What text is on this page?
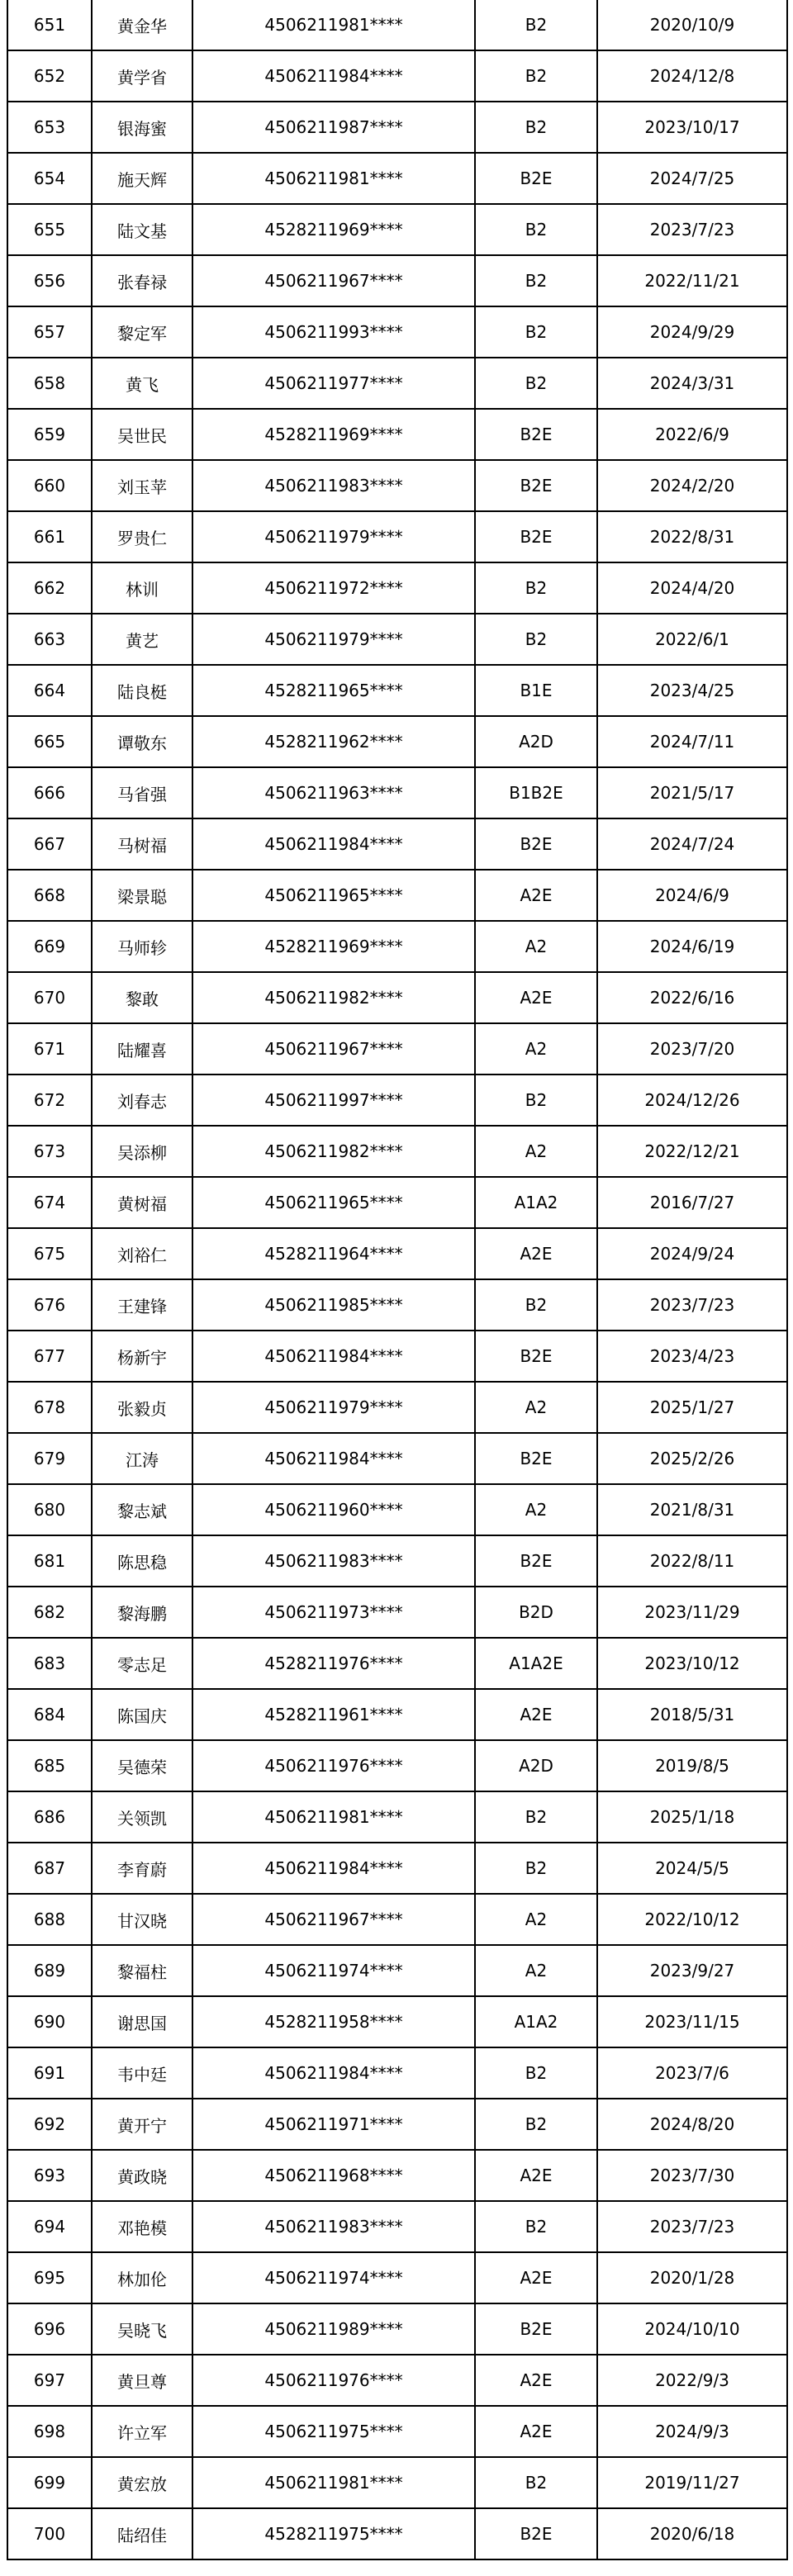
651	黄金华	4506211981****	B2	2020/10/9
652	黄学省	4506211984****	B2	2024/12/8
653	银海蜜	4506211987****	B2	2023/10/17
654	施天辉	4506211981****	B2E	2024/7/25
655	陆文基	4528211969****	B2	2023/7/23
656	张春禄	4506211967****	B2	2022/11/21
657	黎定军	4506211993****	B2	2024/9/29
658	黄飞	4506211977****	B2	2024/3/31
659	吴世民	4528211969****	B2E	2022/6/9
660	刘玉苹	4506211983****	B2E	2024/2/20
661	罗贵仁	4506211979****	B2E	2022/8/31
662	林训	4506211972****	B2	2024/4/20
663	黄艺	4506211979****	B2	2022/6/1
664	陆良梃	4528211965****	B1E	2023/4/25
665	谭敬东	4528211962****	A2D	2024/7/11
666	马省强	4506211963****	B1B2E	2021/5/17
667	马树福	4506211984****	B2E	2024/7/24
668	梁景聪	4506211965****	A2E	2024/6/9
669	马师轸	4528211969****	A2	2024/6/19
670	黎敢	4506211982****	A2E	2022/6/16
671	陆耀喜	4506211967****	A2	2023/7/20
672	刘春志	4506211997****	B2	2024/12/26
673	吴添柳	4506211982****	A2	2022/12/21
674	黄树福	4506211965****	A1A2	2016/7/27
675	刘裕仁	4528211964****	A2E	2024/9/24
676	王建锋	4506211985****	B2	2023/7/23
677	杨新宇	4506211984****	B2E	2023/4/23
678	张毅贞	4506211979****	A2	2025/1/27
679	江涛	4506211984****	B2E	2025/2/26
680	黎志斌	4506211960****	A2	2021/8/31
681	陈思稳	4506211983****	B2E	2022/8/11
682	黎海鹏	4506211973****	B2D	2023/11/29
683	零志足	4528211976****	A1A2E	2023/10/12
684	陈国庆	4528211961****	A2E	2018/5/31
685	吴德荣	4506211976****	A2D	2019/8/5
686	关领凯	4506211981****	B2	2025/1/18
687	李育蔚	4506211984****	B2	2024/5/5
688	甘汉晓	4506211967****	A2	2022/10/12
689	黎福柱	4506211974****	A2	2023/9/27
690	谢思国	4528211958****	A1A2	2023/11/15
691	韦中廷	4506211984****	B2	2023/7/6
692	黄开宁	4506211971****	B2	2024/8/20
693	黄政晓	4506211968****	A2E	2023/7/30
694	邓艳模	4506211983****	B2	2023/7/23
695	林加伦	4506211974****	A2E	2020/1/28
696	吴晓飞	4506211989****	B2E	2024/10/10
697	黄旦尊	4506211976****	A2E	2022/9/3
698	许立军	4506211975****	A2E	2024/9/3
699	黄宏放	4506211981****	B2	2019/11/27
700	陆绍佳	4528211975****	B2E	2020/6/18
